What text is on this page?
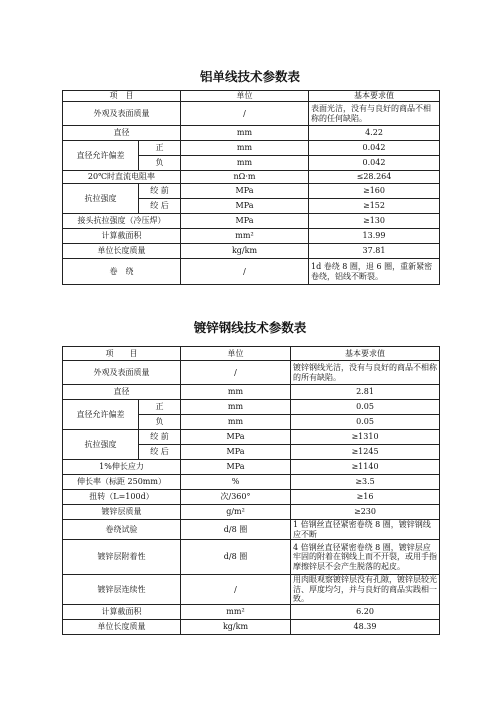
铝单线技术参数表
项　目		单位	基本要求值
外观及表面质量		/	表面光洁，没有与良好的商品不相称的任何缺陷。
直径		mm	4.22
直径允许偏差	正	mm	0.042
	负	mm	0.042
20℃时直流电阻率		nΩ·m	≤28.264
抗拉强度	绞 前	MPa	≥160
	绞 后	MPa	≥152
接头抗拉强度（冷压焊）		MPa	≥130
计算截面积		mm²	13.99
单位长度质量		kg/km	37.81
卷　绕		/	1d 卷绕 8 圈，退 6 圈，重新紧密卷绕，铝线不断裂。
镀锌钢线技术参数表
项　　目		单位	基本要求值
外观及表面质量		/	镀锌钢线光洁，没有与良好的商品不相称的所有缺陷。
直径		mm	2.81
直径允许偏差	正	mm	0.05
	负	mm	0.05
抗拉强度	绞 前	MPa	≥1310
	绞 后	MPa	≥1245
1%伸长应力		MPa	≥1140
伸长率（标距 250mm）		%	≥3.5
扭转（L=100d）		次/360°	≥16
镀锌层质量		g/m²	≥230
卷绕试验		d/8 圈	1 倍钢丝直径紧密卷绕 8 圈，镀锌钢线应不断
镀锌层附着性		d/8 圈	4 倍钢丝直径紧密卷绕 8 圈，镀锌层应牢固的附着在钢线上而不开裂，或用手指摩擦锌层不会产生脱落的起皮。
镀锌层连续性		/	用肉眼观察镀锌层没有孔隙，镀锌层较光洁、厚度均匀，并与良好的商品实践相一致。
计算截面积		mm²	6.20
单位长度质量		kg/km	48.39
